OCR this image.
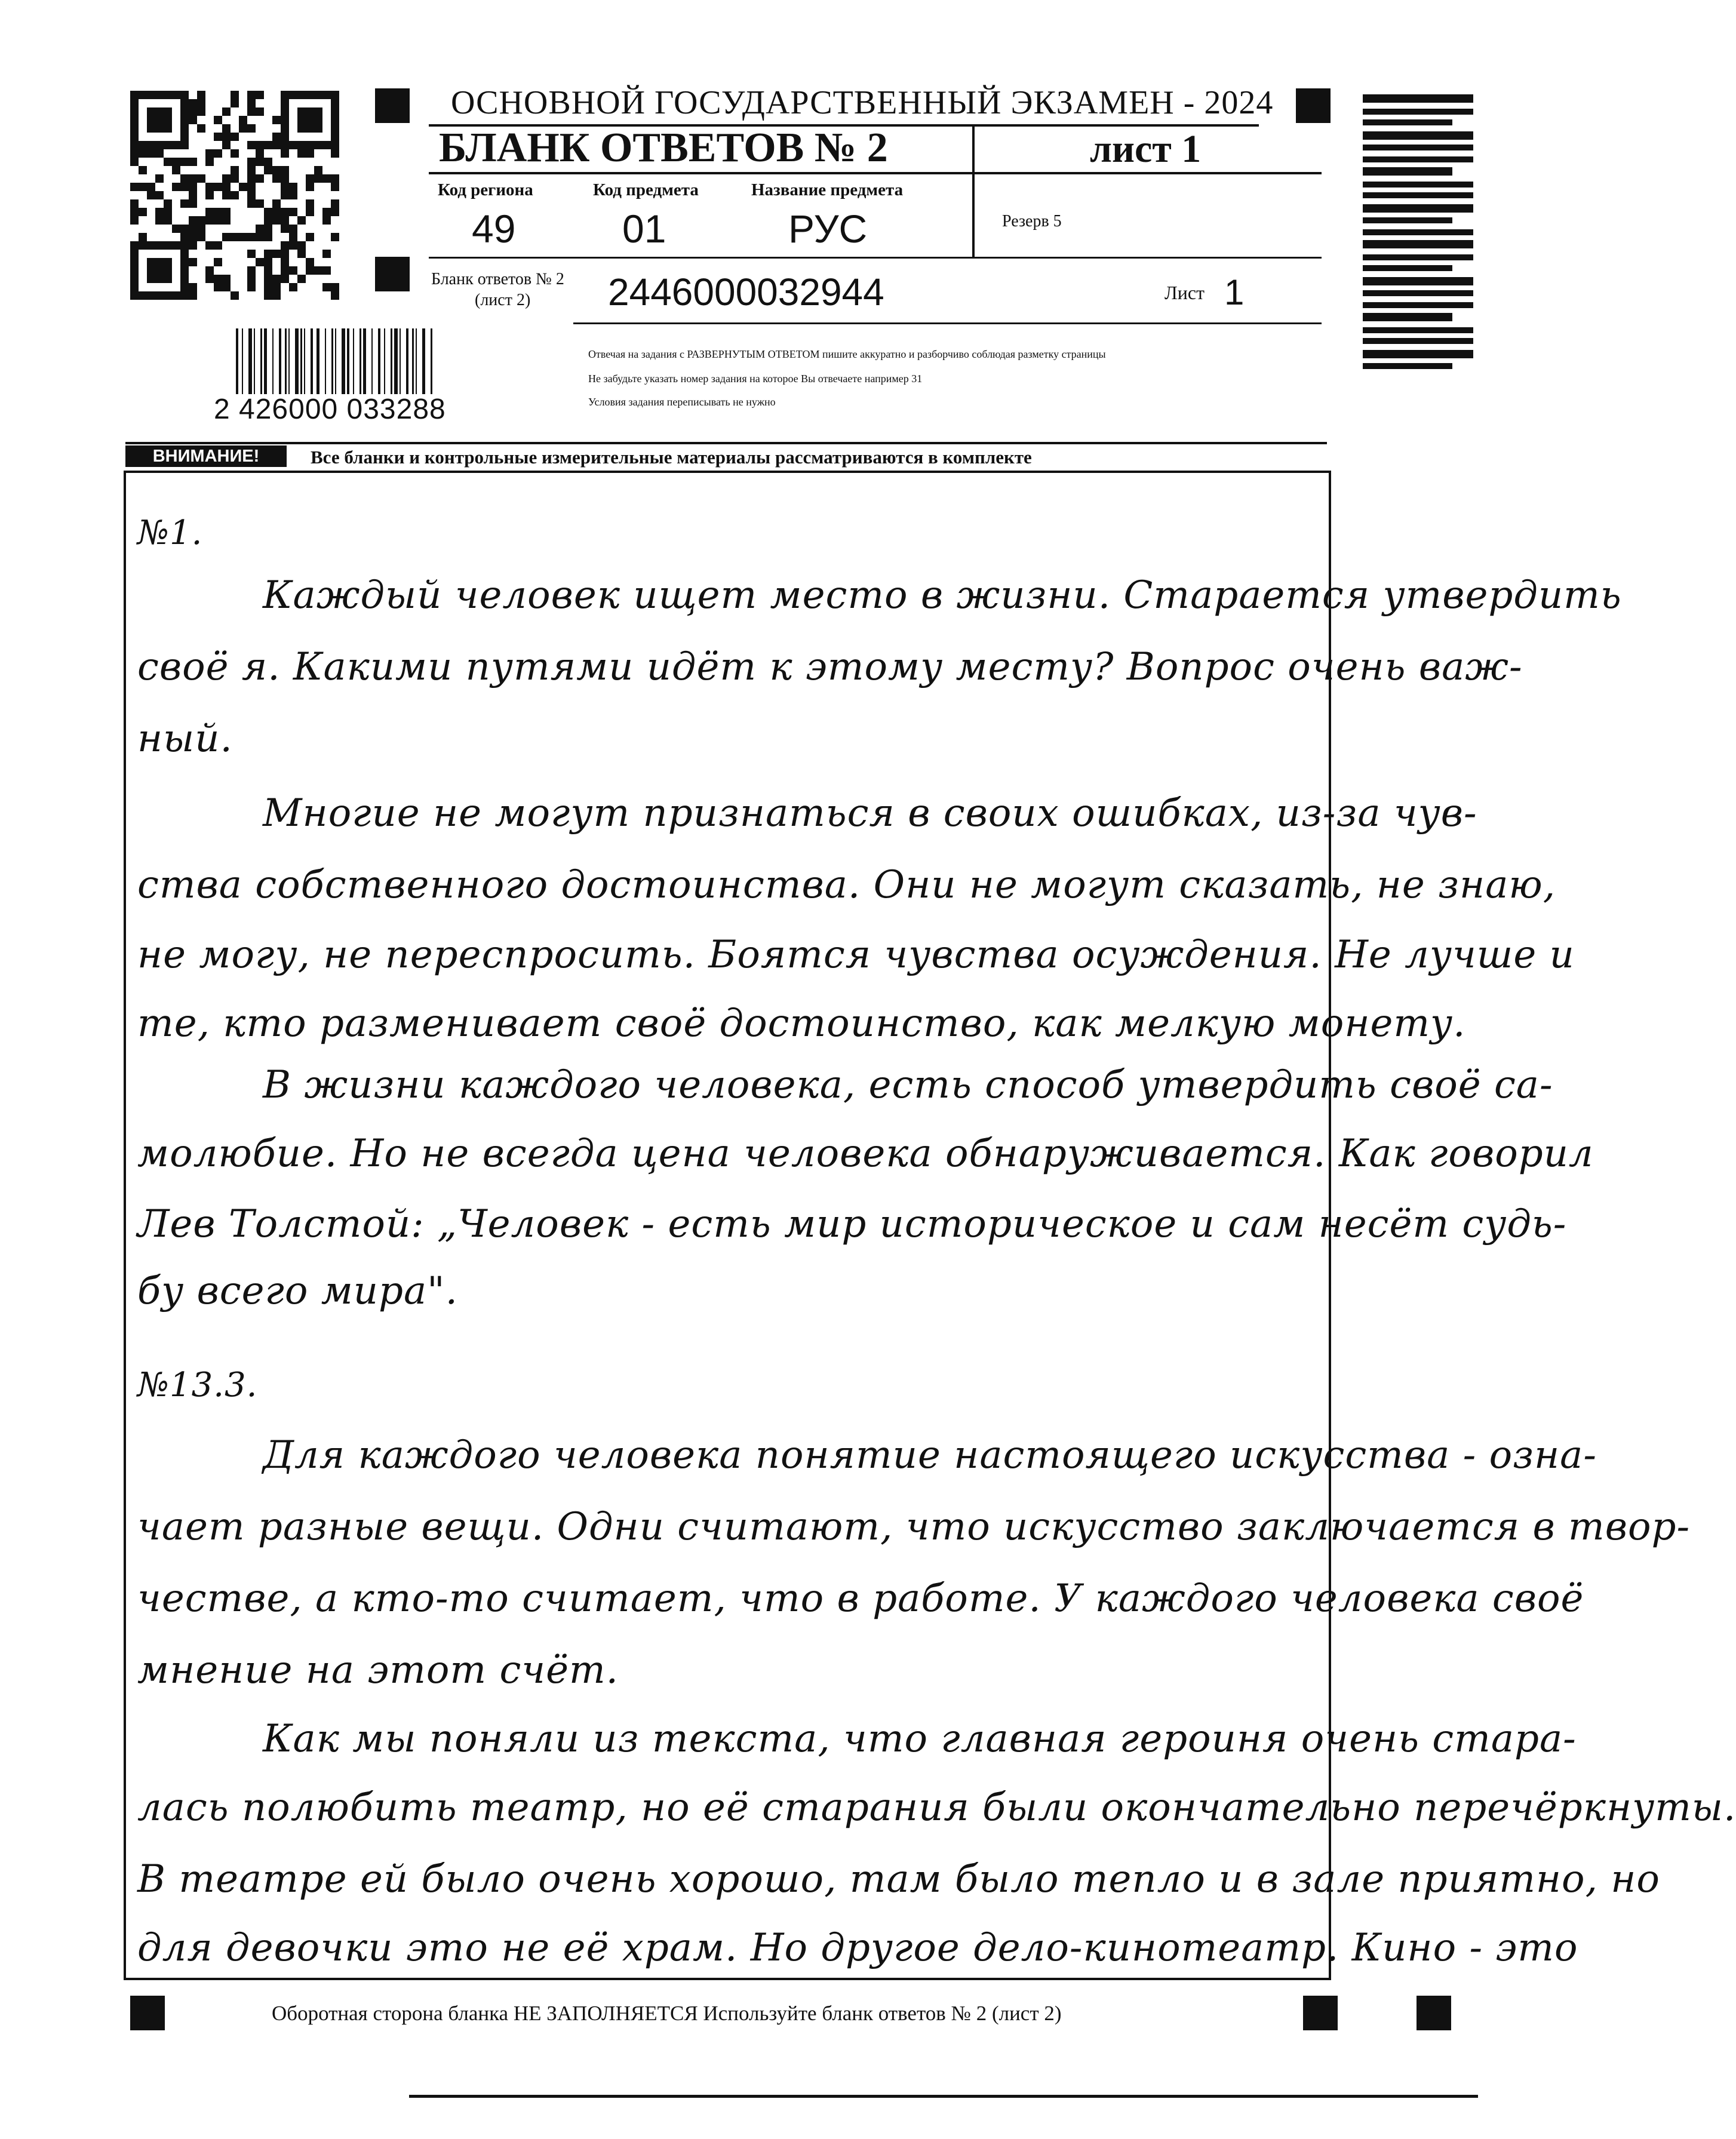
ОСНОВНОЙ ГОСУДАРСТВЕННЫЙ ЭКЗАМЕН - 2024
БЛАНК ОТВЕТОВ № 2	лист 1
Код региона
49
Код предмета
01
Название предмета
РУС	Резерв 5
Бланк ответов № 2
(лист 2) 2446000032944	Лист 1
2 426000 033288
Отвечая на задания с РАЗВЕРНУТЫМ ОТВЕТОМ пишите аккуратно и разборчиво соблюдая разметку страницы
Не забудьте указать номер задания на которое Вы отвечаете например 31
Условия задания переписывать не нужно
ВНИМАНИЕ!	Все бланки и контрольные измерительные материалы рассматриваются в комплекте
№1.
Каждый человек ищет место в жизни. Старается утвердить
своё я. Какими путями идёт к этому месту? Вопрос очень важ-
ный.
Многие не могут признаться в своих ошибках, из-за чув-
ства собственного достоинства. Они не могут сказать, не знаю,
не могу, не переспросить. Боятся чувства осуждения. Не лучше и
те, кто разменивает своё достоинство, как мелкую монету.
В жизни каждого человека, есть способ утвердить своё са-
молюбие. Но не всегда цена человека обнаруживается. Как говорил
Лев Толстой: „Человек - есть мир историческое и сам несёт судь-
бу всего мира".
№13.3.
Для каждого человека понятие настоящего искусства - озна-
чает разные вещи. Одни считают, что искусство заключается в твор-
честве, а кто-то считает, что в работе. У каждого человека своё
мнение на этот счёт.
Как мы поняли из текста, что главная героиня очень стара-
лась полюбить театр, но её старания были окончательно перечёркнуты.
В театре ей было очень хорошо, там было тепло и в зале приятно, но
для девочки это не её храм. Но другое дело-кинотеатр. Кино - это
Оборотная сторона бланка НЕ ЗАПОЛНЯЕТСЯ Используйте бланк ответов № 2 (лист 2)
